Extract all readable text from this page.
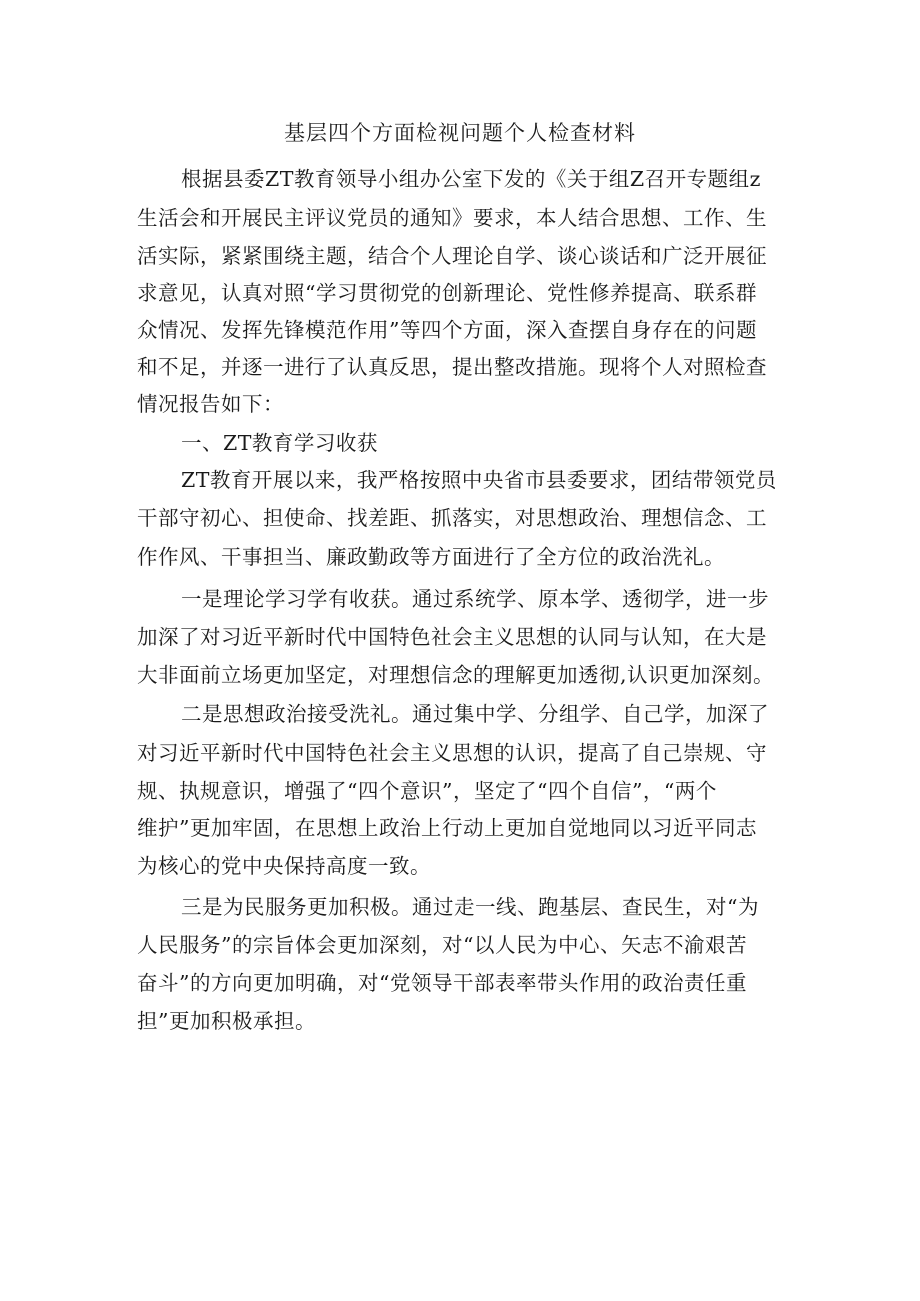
基层四个方面检视问题个人检查材料
根据县委ZT教育领导小组办公室下发的《关于组Z召开专题组z
生活会和开展民主评议党员的通知》要求，本人结合思想、工作、生
活实际，紧紧围绕主题，结合个人理论自学、谈心谈话和广泛开展征
求意见，认真对照“学习贯彻党的创新理论、党性修养提高、联系群
众情况、发挥先锋模范作用”等四个方面，深入查摆自身存在的问题
和不足，并逐一进行了认真反思，提出整改措施。现将个人对照检查
情况报告如下：
一、ZT教育学习收获
ZT教育开展以来，我严格按照中央省市县委要求，团结带领党员
干部守初心、担使命、找差距、抓落实，对思想政治、理想信念、工
作作风、干事担当、廉政勤政等方面进行了全方位的政治洗礼。
一是理论学习学有收获。通过系统学、原本学、透彻学，进一步
加深了对习近平新时代中国特色社会主义思想的认同与认知，在大是
大非面前立场更加坚定，对理想信念的理解更加透彻,认识更加深刻。
二是思想政治接受洗礼。通过集中学、分组学、自己学，加深了
对习近平新时代中国特色社会主义思想的认识，提高了自己崇规、守
规、执规意识，增强了“四个意识”，坚定了“四个自信”，“两个
维护”更加牢固，在思想上政治上行动上更加自觉地同以习近平同志
为核心的党中央保持高度一致。
三是为民服务更加积极。通过走一线、跑基层、查民生，对“为
人民服务”的宗旨体会更加深刻，对“以人民为中心、矢志不渝艰苦
奋斗”的方向更加明确，对“党领导干部表率带头作用的政治责任重
担”更加积极承担。
